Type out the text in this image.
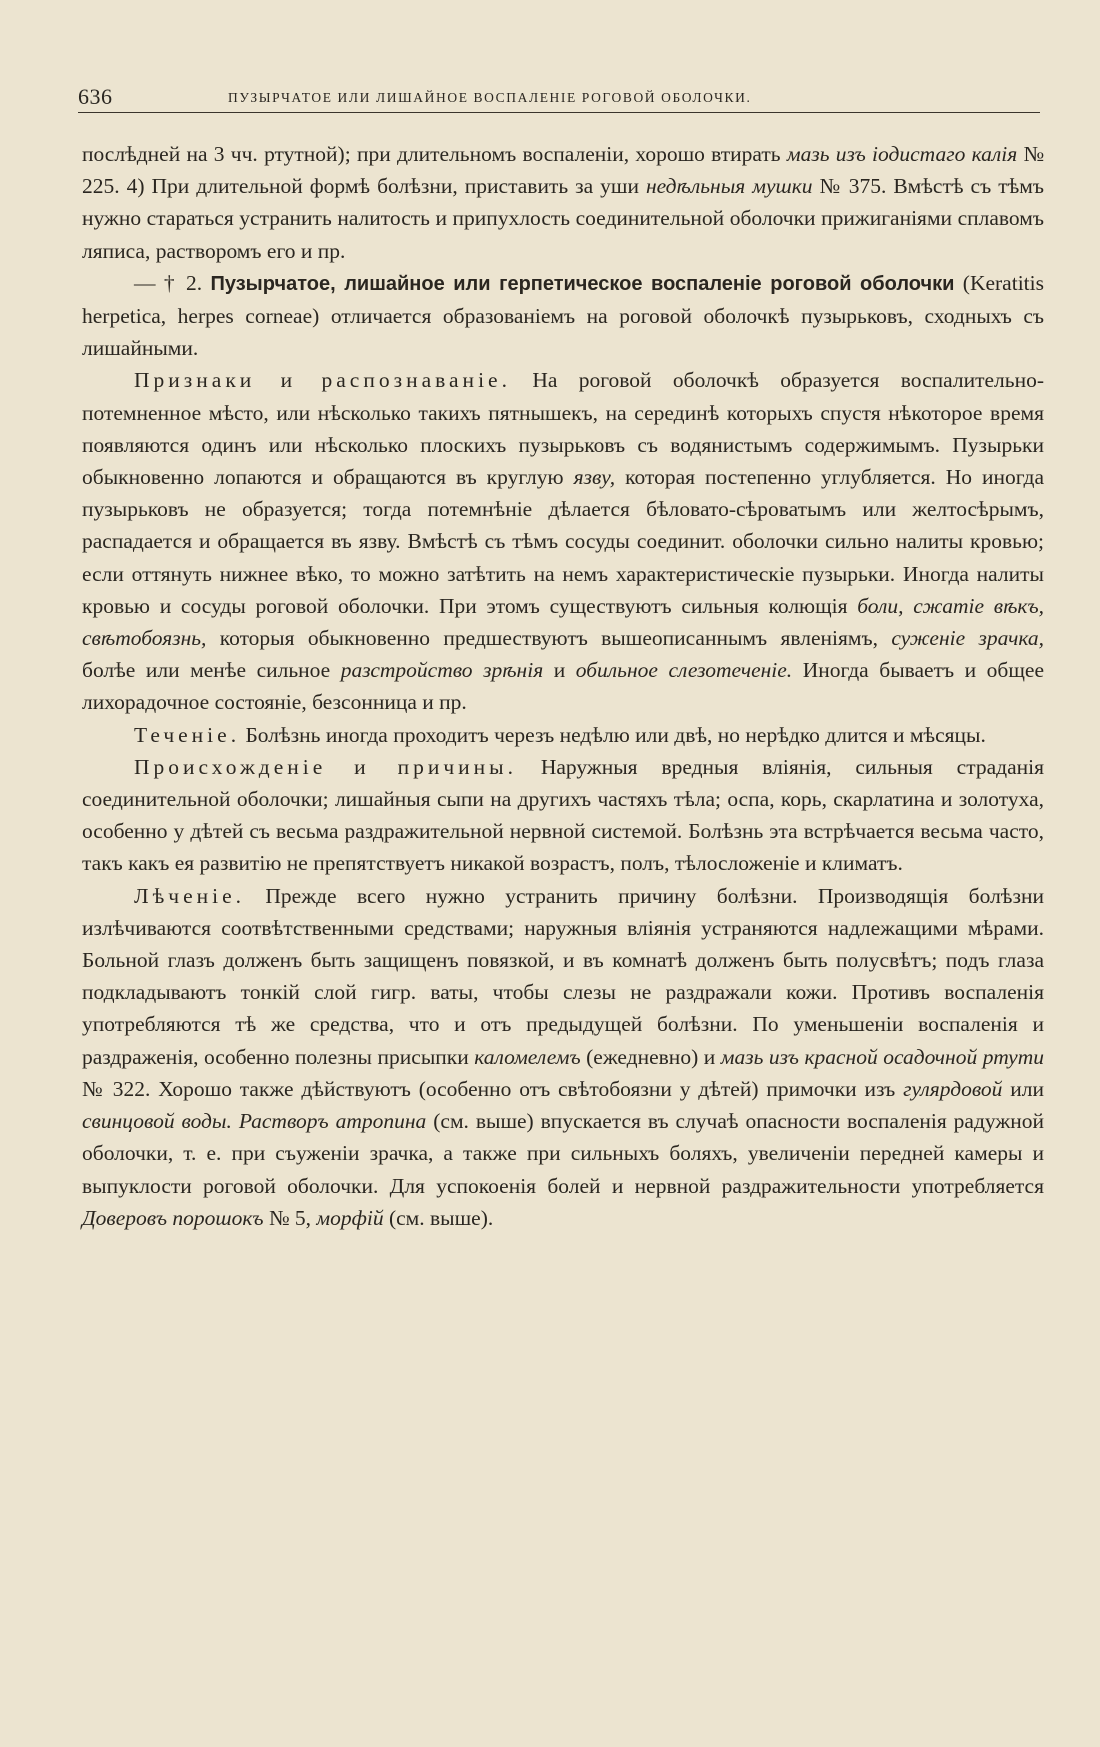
636	ПУЗЫРЧАТОЕ ИЛИ ЛИШАЙНОЕ ВОСПАЛЕНІЕ РОГОВОЙ ОБОЛОЧКИ.

послѣдней на 3 чч. ртутной); при длительномъ воспаленіи, хорошо втирать мазь изъ іодистаго калія № 225. 4) При длительной формѣ болѣзни, приставить за уши недѣльныя мушки № 375. Вмѣстѣ съ тѣмъ нужно стараться устранить налитость и припухлость соединительной оболочки прижиганіями сплавомъ ляписа, растворомъ его и пр.

— † 2. Пузырчатое, лишайное или герпетическое воспаленіе роговой оболочки (Keratitis herpetica, herpes corneae) отличается образованіемъ на роговой оболочкѣ пузырьковъ, сходныхъ съ лишайными.

Признаки и распознаваніе. На роговой оболочкѣ образуется воспалительно-потемненное мѣсто, или нѣсколько такихъ пятнышекъ, на серединѣ которыхъ спустя нѣкоторое время появляются одинъ или нѣсколько плоскихъ пузырьковъ съ водянистымъ содержимымъ. Пузырьки обыкновенно лопаются и обращаются въ круглую язву, которая постепенно углубляется. Но иногда пузырьковъ не образуется; тогда потемнѣніе дѣлается бѣловато-сѣроватымъ или желтосѣрымъ, распадается и обращается въ язву. Вмѣстѣ съ тѣмъ сосуды соединит. оболочки сильно налиты кровью; если оттянуть нижнее вѣко, то можно затѣтить на немъ характеристическіе пузырьки. Иногда налиты кровью и сосуды роговой оболочки. При этомъ существуютъ сильныя колющія боли, сжатіе вѣкъ, свѣтобоязнь, которыя обыкновенно предшествуютъ вышеописаннымъ явленіямъ, суженіе зрачка, болѣе или менѣе сильное разстройство зрѣнія и обильное слезотеченіе. Иногда бываетъ и общее лихорадочное состояніе, безсонница и пр.

Теченіе. Болѣзнь иногда проходитъ черезъ недѣлю или двѣ, но нерѣдко длится и мѣсяцы.

Происхожденіе и причины. Наружныя вредныя вліянія, сильныя страданія соединительной оболочки; лишайныя сыпи на другихъ частяхъ тѣла; оспа, корь, скарлатина и золотуха, особенно у дѣтей съ весьма раздражительной нервной системой. Болѣзнь эта встрѣчается весьма часто, такъ какъ ея развитію не препятствуетъ никакой возрастъ, полъ, тѣлосложеніе и климатъ.

Лѣченіе. Прежде всего нужно устранить причину болѣзни. Производящія болѣзни излѣчиваются соотвѣтственными средствами; наружныя вліянія устраняются надлежащими мѣрами. Больной глазъ долженъ быть защищенъ повязкой, и въ комнатѣ долженъ быть полусвѣтъ; подъ глаза подкладываютъ тонкій слой гигр. ваты, чтобы слезы не раздражали кожи. Противъ воспаленія употребляются тѣ же средства, что и отъ предыдущей болѣзни. По уменьшеніи воспаленія и раздраженія, особенно полезны присыпки каломелемъ (ежедневно) и мазь изъ красной осадочной ртути № 322. Хорошо также дѣйствуютъ (особенно отъ свѣтобоязни у дѣтей) примочки изъ гулярдовой или свинцовой воды. Растворъ атропина (см. выше) впускается въ случаѣ опасности воспаленія радужной оболочки, т. е. при съуженіи зрачка, а также при сильныхъ боляхъ, увеличеніи передней камеры и выпуклости роговой оболочки. Для успокоенія болей и нервной раздражительности употребляется Доверовъ порошокъ № 5, морфій (см. выше).
